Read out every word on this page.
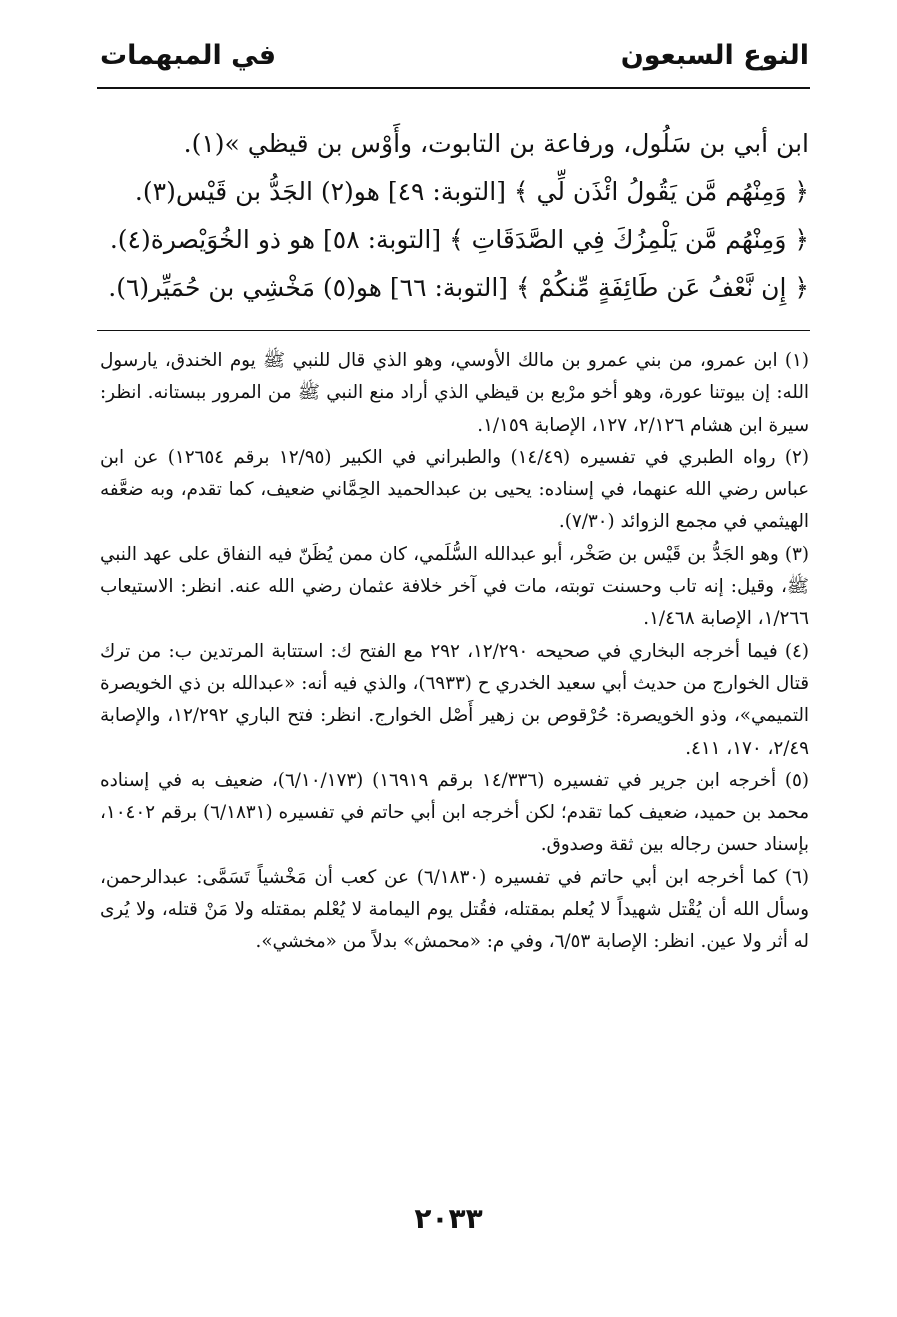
النوع السبعون
في المبهمات

ابن أبي بن سَلُول، ورفاعة بن التابوت، وأَوْس بن قيظي »(١).

﴿ وَمِنْهُم مَّن يَقُولُ ائْذَن لِّي ﴾ [التوبة: ٤٩] هو(٢) الجَدُّ بن قَيْس(٣).

﴿ وَمِنْهُم مَّن يَلْمِزُكَ فِي الصَّدَقَاتِ ﴾ [التوبة: ٥٨] هو ذو الخُوَيْصرة(٤).

﴿ إِن نَّعْفُ عَن طَائِفَةٍ مِّنكُمْ ﴾ [التوبة: ٦٦] هو(٥) مَخْشِي بن حُمَيِّر(٦).

(١) ابن عمرو، من بني عمرو بن مالك الأوسي، وهو الذي قال للنبي ﷺ يوم الخندق، يارسول الله: إن بيوتنا عورة، وهو أخو مرْبع بن قيظي الذي أراد منع النبي ﷺ من المرور ببستانه. انظر: سيرة ابن هشام ٢/١٢٦، ١٢٧، الإصابة ١/١٥٩.

(٢) رواه الطبري في تفسيره (١٤/٤٩) والطبراني في الكبير (١٢/٩٥ برقم ١٢٦٥٤) عن ابن عباس رضي الله عنهما، في إسناده: يحيى بن عبدالحميد الحِمَّاني ضعيف، كما تقدم، وبه ضعَّفه الهيثمي في مجمع الزوائد (٧/٣٠).

(٣) وهو الجَدُّ بن قَيْس بن صَخْر، أبو عبدالله السُّلَمي، كان ممن يُظَنّ فيه النفاق على عهد النبي ﷺ، وقيل: إنه تاب وحسنت توبته، مات في آخر خلافة عثمان رضي الله عنه. انظر: الاستيعاب ١/٢٦٦، الإصابة ١/٤٦٨.

(٤) فيما أخرجه البخاري في صحيحه ١٢/٢٩٠، ٢٩٢ مع الفتح ك: استتابة المرتدين ب: من ترك قتال الخوارج من حديث أبي سعيد الخدري ح (٦٩٣٣)، والذي فيه أنه: «عبدالله بن ذي الخويصرة التميمي»، وذو الخويصرة: حُرْقوص بن زهير أَصْل الخوارج. انظر: فتح الباري ١٢/٢٩٢، والإصابة ٢/٤٩، ١٧٠، ٤١١.

(٥) أخرجه ابن جرير في تفسيره (١٤/٣٣٦ برقم ١٦٩١٩) (٦/١٠/١٧٣)، ضعيف به في إسناده محمد بن حميد، ضعيف كما تقدم؛ لكن أخرجه ابن أبي حاتم في تفسيره (٦/١٨٣١) برقم ١٠٤٠٢، بإسناد حسن رجاله بين ثقة وصدوق.

(٦) كما أخرجه ابن أبي حاتم في تفسيره (٦/١٨٣٠) عن كعب أن مَخْشياً تَسَمَّى: عبدالرحمن، وسأل الله أن يُقْتل شهيداً لا يُعلم بمقتله، فقُتل يوم اليمامة لا يُعْلم بمقتله ولا مَنْ قتله، ولا يُرى له أثر ولا عين. انظر: الإصابة ٦/٥٣، وفي م: «محمش» بدلاً من «مخشي».

٢٠٣٣
